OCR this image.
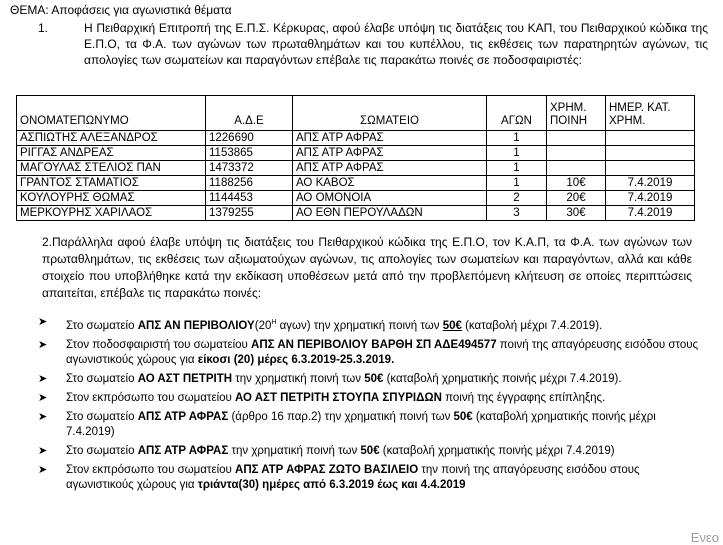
ΘΕΜΑ: Αποφάσεις για αγωνιστικά θέματα
1.	Η Πειθαρχική Επιτροπή της Ε.Π.Σ. Κέρκυρας, αφού έλαβε υπόψη τις διατάξεις του ΚΑΠ, του Πειθαρχικού κώδικα της Ε.Π.Ο, τα Φ.Α. των αγώνων των πρωταθλημάτων και του κυπέλλου, τις εκθέσεις των παρατηρητών αγώνων, τις απολογίες των σωματείων και παραγόντων επέβαλε τις παρακάτω ποινές σε ποδοσφαιριστές:
ΟΝΟΜΑΤΕΠΩΝΥΜΟ	Α.Δ.Ε	ΣΩΜΑΤΕΙΟ	ΑΓΩΝ	ΧΡΗΜ. ΠΟΙΝΗ	ΗΜΕΡ. ΚΑΤ. ΧΡΗΜ.
ΑΣΠΙΩΤΗΣ ΑΛΕΞΑΝΔΡΟΣ	1226690	ΑΠΣ ΑΤΡ ΑΦΡΑΣ	1		
ΡΙΓΓΑΣ ΑΝΔΡΕΑΣ	1153865	ΑΠΣ ΑΤΡ ΑΦΡΑΣ	1		
ΜΑΓΟΥΛΑΣ ΣΤΕΛΙΟΣ ΠΑΝ	1473372	ΑΠΣ ΑΤΡ ΑΦΡΑΣ	1		
ΓΡΑΝΤΟΣ ΣΤΑΜΑΤΙΟΣ	1188256	ΑΟ ΚΑΒΟΣ	1	10€	7.4.2019
ΚΟΥΛΟΥΡΗΣ ΘΩΜΑΣ	1144453	ΑΟ ΟΜΟΝΟΙΑ	2	20€	7.4.2019
ΜΕΡΚΟΥΡΗΣ ΧΑΡΙΛΑΟΣ	1379255	ΑΟ ΕΘΝ ΠΕΡΟΥΛΑΔΩΝ	3	30€	7.4.2019
2.Παράλληλα αφού έλαβε υπόψη τις διατάξεις του Πειθαρχικού κώδικα της Ε.Π.Ο, τον Κ.Α.Π, τα Φ.Α. των αγώνων των πρωταθλημάτων, τις εκθέσεις των αξιωματούχων αγώνων, τις απολογίες των σωματείων και παραγόντων, αλλά και κάθε στοιχείο που υποβλήθηκε κατά την εκδίκαση υποθέσεων μετά από την προβλεπόμενη κλήτευση σε οποίες περιπτώσεις απαιτείται, επέβαλε τις παρακάτω ποινές:
➤ Στο σωματείο ΑΠΣ ΑΝ $\Pi EPIBO\Lambda IO\Upsilon(20^H$ αγων) την χρηματική ποινή των 50€ (καταβολή μέχρι 7.4.2019).
➤ Στον ποδοσφαιριστή του σωματείου ΑΠΣ ΑΝ ΠΕΡΙΒΟΛΙΟΥ ΒΑΡΘΗ ΣΠ ΑΔΕ494577 ποινή της απαγόρευσης εισόδου στους αγωνιστικούς χώρους για είκοσι (20) μέρες 6.3.2019-25.3.2019.
➤ Στο σωματείο ΑΟ ΑΣΤ ΠΕΤΡΙΤΗ την χρηματική ποινή των 50€ (καταβολή χρηματικής ποινής μέχρι 7.4.2019).
➤ Στον εκπρόσωπο του σωματείου ΑΟ ΑΣΤ ΠΕΤΡΙΤΗ ΣΤΟΥΠΑ ΣΠΥΡΙΔΩΝ ποινή της έγγραφης επίπληξης.
➤ Στο σωματείο ΑΠΣ ΑΤΡ ΑΦΡΑΣ (άρθρο 16 παρ.2) την χρηματική ποινή των 50€ (καταβολή χρηματικής ποινής μέχρι 7.4.2019)
➤ Στο σωματείο ΑΠΣ ΑΤΡ ΑΦΡΑΣ την χρηματική ποινή των 50€ (καταβολή χρηματικής ποινής μέχρι 7.4.2019)
➤ Στον εκπρόσωπο του σωματείου ΑΠΣ ΑΤΡ ΑΦΡΑΣ ΖΩΤΟ ΒΑΣΙΛΕΙΟ την ποινή της απαγόρευσης εισόδου στους αγωνιστικούς χώρους για τριάντα(30) ημέρες από 6.3.2019 έως και 4.4.2019
Ενεο
